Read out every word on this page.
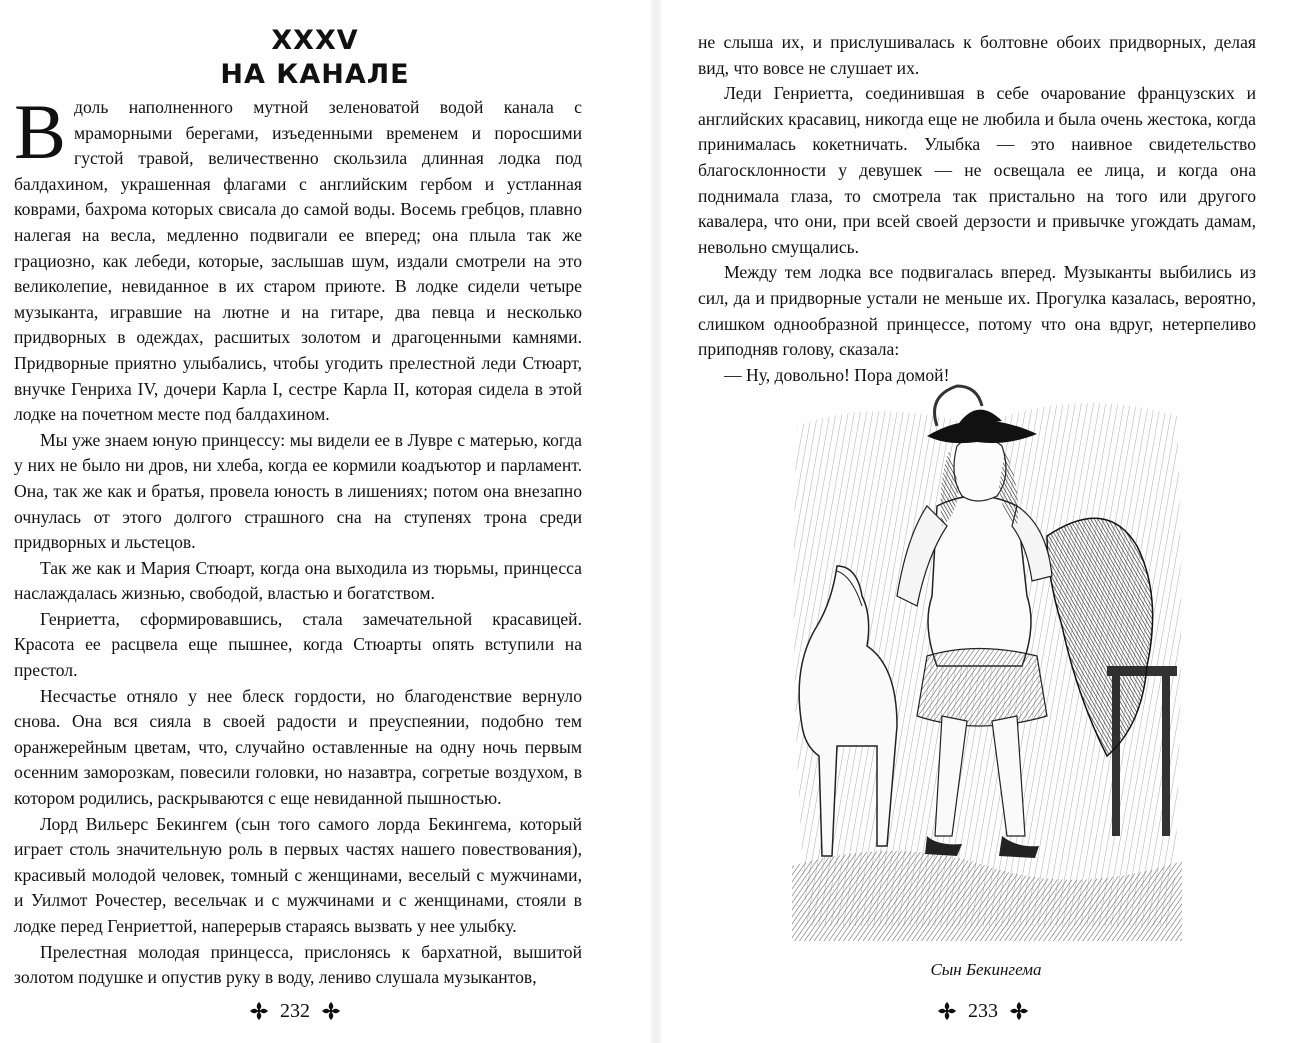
XXXV
НА КАНАЛЕ

Вдоль наполненного мутной зеленоватой водой канала с мраморными берегами, изъеденными временем и поросшими густой травой, величественно скользила длинная лодка под балдахином, украшенная флагами с английским гербом и устланная коврами, бахрома которых свисала до самой воды. Восемь гребцов, плавно налегая на весла, медленно подвигали ее вперед; она плыла так же грациозно, как лебеди, которые, заслышав шум, издали смотрели на это великолепие, невиданное в их старом приюте. В лодке сидели четыре музыканта, игравшие на лютне и на гитаре, два певца и несколько придворных в одеждах, расшитых золотом и драгоценными камнями. Придворные приятно улыбались, чтобы угодить прелестной леди Стюарт, внучке Генриха IV, дочери Карла I, сестре Карла II, которая сидела в этой лодке на почетном месте под балдахином.

Мы уже знаем юную принцессу: мы видели ее в Лувре с матерью, когда у них не было ни дров, ни хлеба, когда ее кормили коадъютор и парламент. Она, так же как и братья, провела юность в лишениях; потом она внезапно очнулась от этого долгого страшного сна на ступенях трона среди придворных и льстецов.

Так же как и Мария Стюарт, когда она выходила из тюрьмы, принцесса наслаждалась жизнью, свободой, властью и богатством.

Генриетта, сформировавшись, стала замечательной красавицей. Красота ее расцвела еще пышнее, когда Стюарты опять вступили на престол.

Несчастье отняло у нее блеск гордости, но благоденствие вернуло снова. Она вся сияла в своей радости и преуспеянии, подобно тем оранжерейным цветам, что, случайно оставленные на одну ночь первым осенним заморозкам, повесили головки, но назавтра, согретые воздухом, в котором родились, раскрываются с еще невиданной пышностью.

Лорд Вильерс Бекингем (сын того самого лорда Бекингема, который играет столь значительную роль в первых частях нашего повествования), красивый молодой человек, томный с женщинами, веселый с мужчинами, и Уилмот Рочестер, весельчак и с мужчинами и с женщинами, стояли в лодке перед Генриеттой, наперерыв стараясь вызвать у нее улыбку.

Прелестная молодая принцесса, прислонясь к бархатной, вышитой золотом подушке и опустив руку в воду, лениво слушала музыкантов,

232

не слыша их, и прислушивалась к болтовне обоих придворных, делая вид, что вовсе не слушает их.

Леди Генриетта, соединившая в себе очарование французских и английских красавиц, никогда еще не любила и была очень жестока, когда принималась кокетничать. Улыбка — это наивное свидетельство благосклонности у девушек — не освещала ее лица, и когда она поднимала глаза, то смотрела так пристально на того или другого кавалера, что они, при всей своей дерзости и привычке угождать дамам, невольно смущались.

Между тем лодка все подвигалась вперед. Музыканты выбились из сил, да и придворные устали не меньше их. Прогулка казалась, вероятно, слишком однообразной принцессе, потому что она вдруг, нетерпеливо приподняв голову, сказала:

— Ну, довольно! Пора домой!

Сын Бекингема
233
